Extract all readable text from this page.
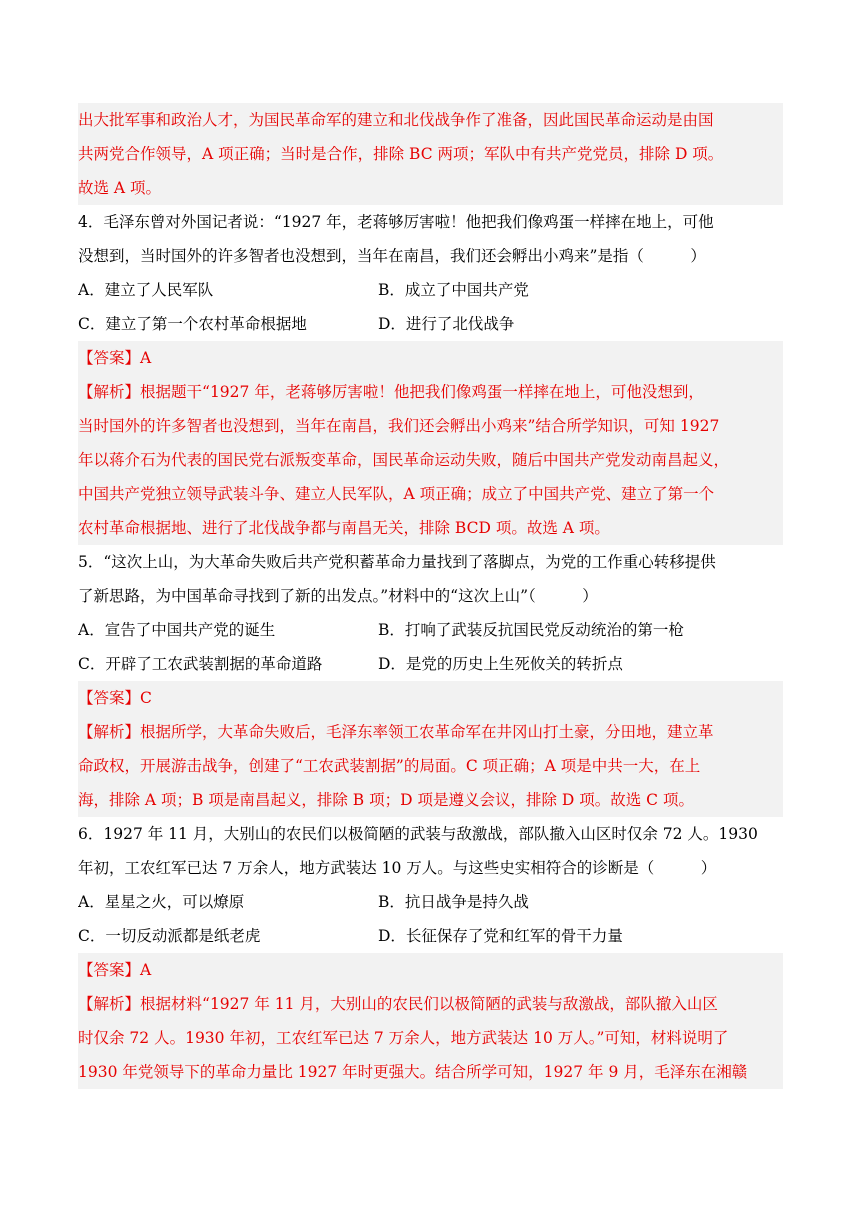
出大批军事和政治人才，为国民革命军的建立和北伐战争作了准备，因此国民革命运动是由国
共两党合作领导，A 项正确；当时是合作，排除 BC 两项；军队中有共产党党员，排除 D 项。
故选 A 项。
4．毛泽东曾对外国记者说：“1927 年，老蒋够厉害啦！他把我们像鸡蛋一样摔在地上，可他
没想到，当时国外的许多智者也没想到，当年在南昌，我们还会孵出小鸡来”是指（　　　）
A．建立了人民军队	B．成立了中国共产党
C．建立了第一个农村革命根据地	D．进行了北伐战争
【答案】A
【解析】根据题干“1927 年，老蒋够厉害啦！他把我们像鸡蛋一样摔在地上，可他没想到，
当时国外的许多智者也没想到，当年在南昌，我们还会孵出小鸡来”结合所学知识，可知 1927
年以蒋介石为代表的国民党右派叛变革命，国民革命运动失败，随后中国共产党发动南昌起义，
中国共产党独立领导武装斗争、建立人民军队，A 项正确；成立了中国共产党、建立了第一个
农村革命根据地、进行了北伐战争都与南昌无关，排除 BCD 项。故选 A 项。
5．“这次上山，为大革命失败后共产党积蓄革命力量找到了落脚点，为党的工作重心转移提供
了新思路，为中国革命寻找到了新的出发点。”材料中的“这次上山”（　　　）
A．宣告了中国共产党的诞生	B．打响了武装反抗国民党反动统治的第一枪
C．开辟了工农武装割据的革命道路	D．是党的历史上生死攸关的转折点
【答案】C
【解析】根据所学，大革命失败后，毛泽东率领工农革命军在井冈山打土豪，分田地，建立革
命政权，开展游击战争，创建了“工农武装割据”的局面。C 项正确；A 项是中共一大，在上
海，排除 A 项；B 项是南昌起义，排除 B 项；D 项是遵义会议，排除 D 项。故选 C 项。
6．1927 年 11 月，大别山的农民们以极简陋的武装与敌激战，部队撤入山区时仅余 72 人。1930
年初，工农红军已达 7 万余人，地方武装达 10 万人。与这些史实相符合的诊断是（　　　）
A．星星之火，可以燎原	B．抗日战争是持久战
C．一切反动派都是纸老虎	D．长征保存了党和红军的骨干力量
【答案】A
【解析】根据材料“1927 年 11 月，大别山的农民们以极简陋的武装与敌激战，部队撤入山区
时仅余 72 人。1930 年初，工农红军已达 7 万余人，地方武装达 10 万人。”可知，材料说明了
1930 年党领导下的革命力量比 1927 年时更强大。结合所学可知，1927 年 9 月，毛泽东在湘赣
